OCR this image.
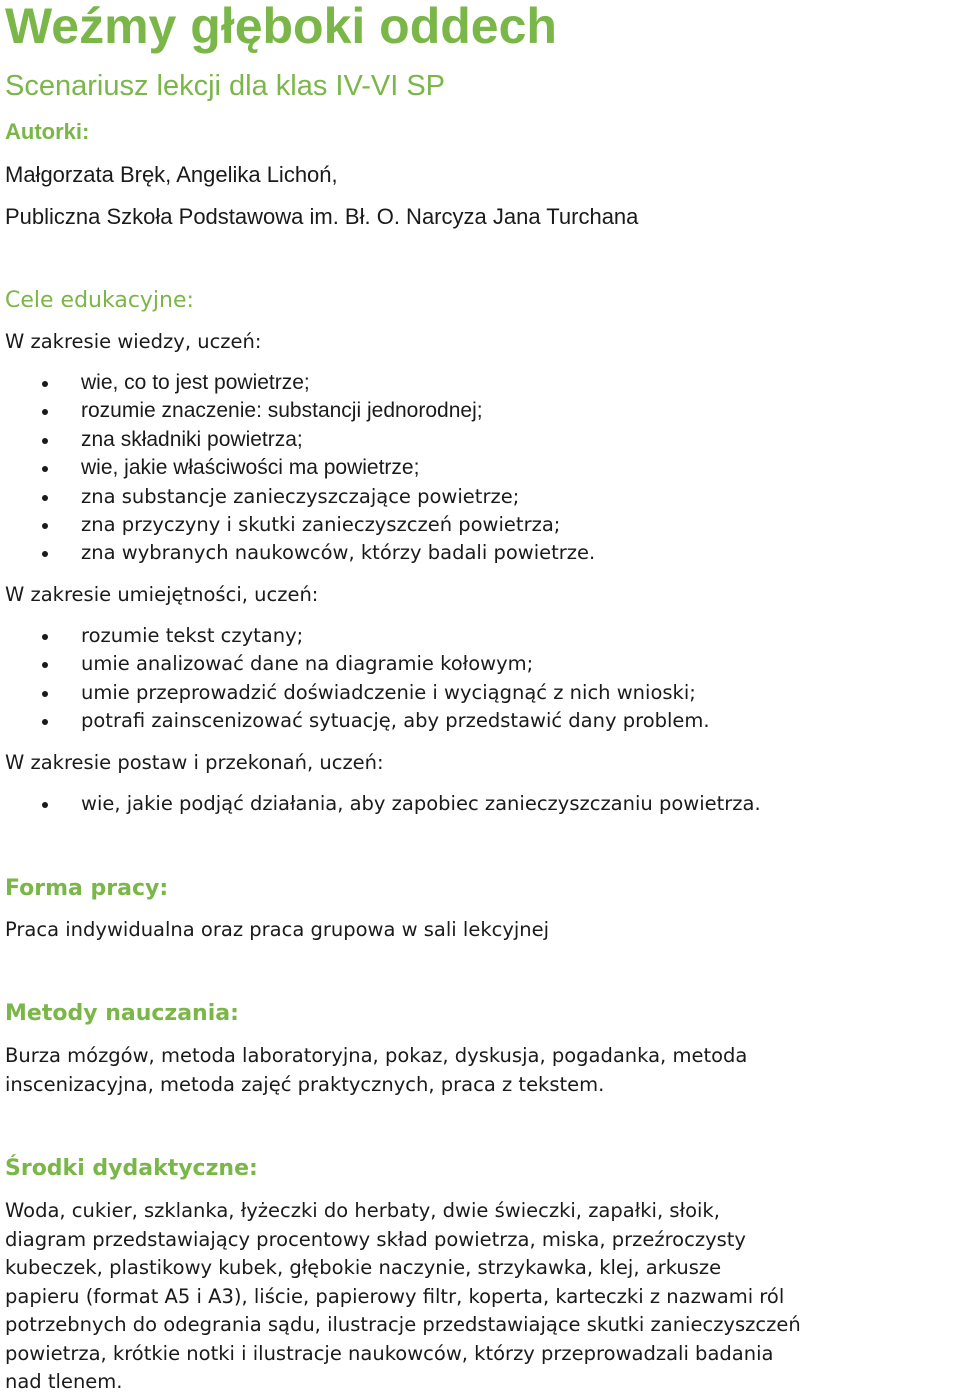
Weźmy głęboki oddech
Scenariusz lekcji dla klas IV-VI SP
Autorki:
Małgorzata Bręk, Angelika Lichoń,
Publiczna Szkoła Podstawowa im. Bł. O. Narcyza Jana Turchana
Cele edukacyjne:
W zakresie wiedzy, uczeń:
wie, co to jest powietrze;
rozumie znaczenie: substancji jednorodnej;
zna składniki powietrza;
wie, jakie właściwości ma powietrze;
zna substancje zanieczyszczające powietrze;
zna przyczyny i skutki zanieczyszczeń powietrza;
zna wybranych naukowców, którzy badali powietrze.
W zakresie umiejętności, uczeń:
rozumie tekst czytany;
umie analizować dane na diagramie kołowym;
umie przeprowadzić doświadczenie i wyciągnąć z nich wnioski;
potrafi zainscenizować sytuację, aby przedstawić dany problem.
W zakresie postaw i przekonań, uczeń:
wie, jakie podjąć działania, aby zapobiec zanieczyszczaniu powietrza.
Forma pracy:
Praca indywidualna oraz praca grupowa w sali lekcyjnej
Metody nauczania:
Burza mózgów, metoda laboratoryjna, pokaz, dyskusja, pogadanka, metoda
inscenizacyjna, metoda zajęć praktycznych, praca z tekstem.
Środki dydaktyczne:
Woda, cukier, szklanka, łyżeczki do herbaty, dwie świeczki, zapałki, słoik,
diagram przedstawiający procentowy skład powietrza, miska, przeźroczysty
kubeczek, plastikowy kubek, głębokie naczynie, strzykawka, klej, arkusze
papieru (format A5 i A3), liście, papierowy filtr, koperta, karteczki z nazwami ról
potrzebnych do odegrania sądu, ilustracje przedstawiające skutki zanieczyszczeń
powietrza, krótkie notki i ilustracje naukowców, którzy przeprowadzali badania
nad tlenem.
